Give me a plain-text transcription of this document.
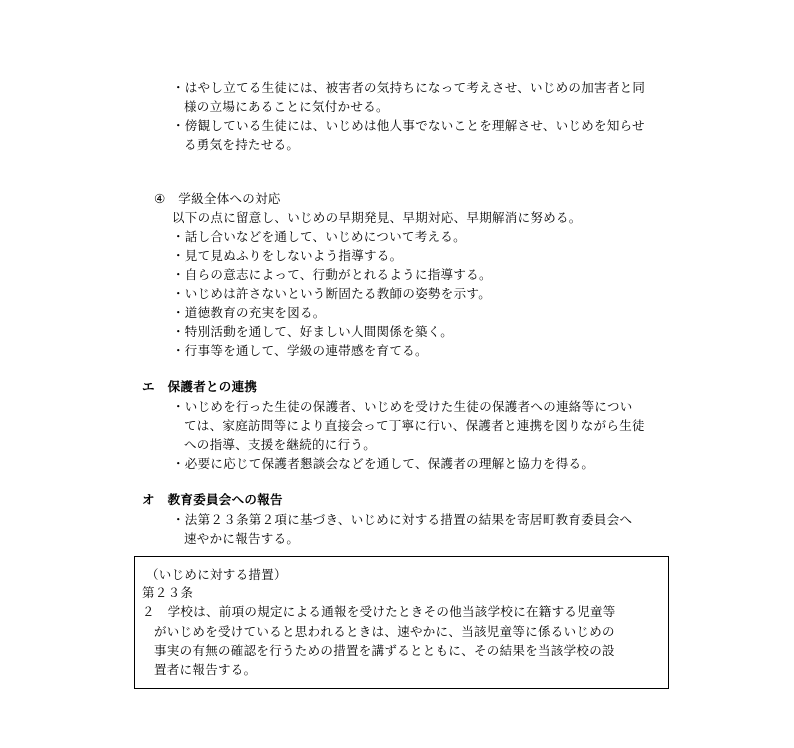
・はやし立てる生徒には、被害者の気持ちになって考えさせ、いじめの加害者と同

様の立場にあることに気付かせる。

・傍観している生徒には、いじめは他人事でないことを理解させ、いじめを知らせ

る勇気を持たせる。

④　学級全体への対応

以下の点に留意し、いじめの早期発見、早期対応、早期解消に努める。

・話し合いなどを通して、いじめについて考える。

・見て見ぬふりをしないよう指導する。

・自らの意志によって、行動がとれるように指導する。

・いじめは許さないという断固たる教師の姿勢を示す。

・道徳教育の充実を図る。

・特別活動を通して、好ましい人間関係を築く。

・行事等を通して、学級の連帯感を育てる。

エ　保護者との連携

・いじめを行った生徒の保護者、いじめを受けた生徒の保護者への連絡等につい

ては、家庭訪問等により直接会って丁寧に行い、保護者と連携を図りながら生徒

への指導、支援を継続的に行う。

・必要に応じて保護者懇談会などを通して、保護者の理解と協力を得る。

オ　教育委員会への報告

・法第２３条第２項に基づき、いじめに対する措置の結果を寄居町教育委員会へ

速やかに報告する。

（いじめに対する措置）

第２３条

２　学校は、前項の規定による通報を受けたときその他当該学校に在籍する児童等

がいじめを受けていると思われるときは、速やかに、当該児童等に係るいじめの

事実の有無の確認を行うための措置を講ずるとともに、その結果を当該学校の設

置者に報告する。
